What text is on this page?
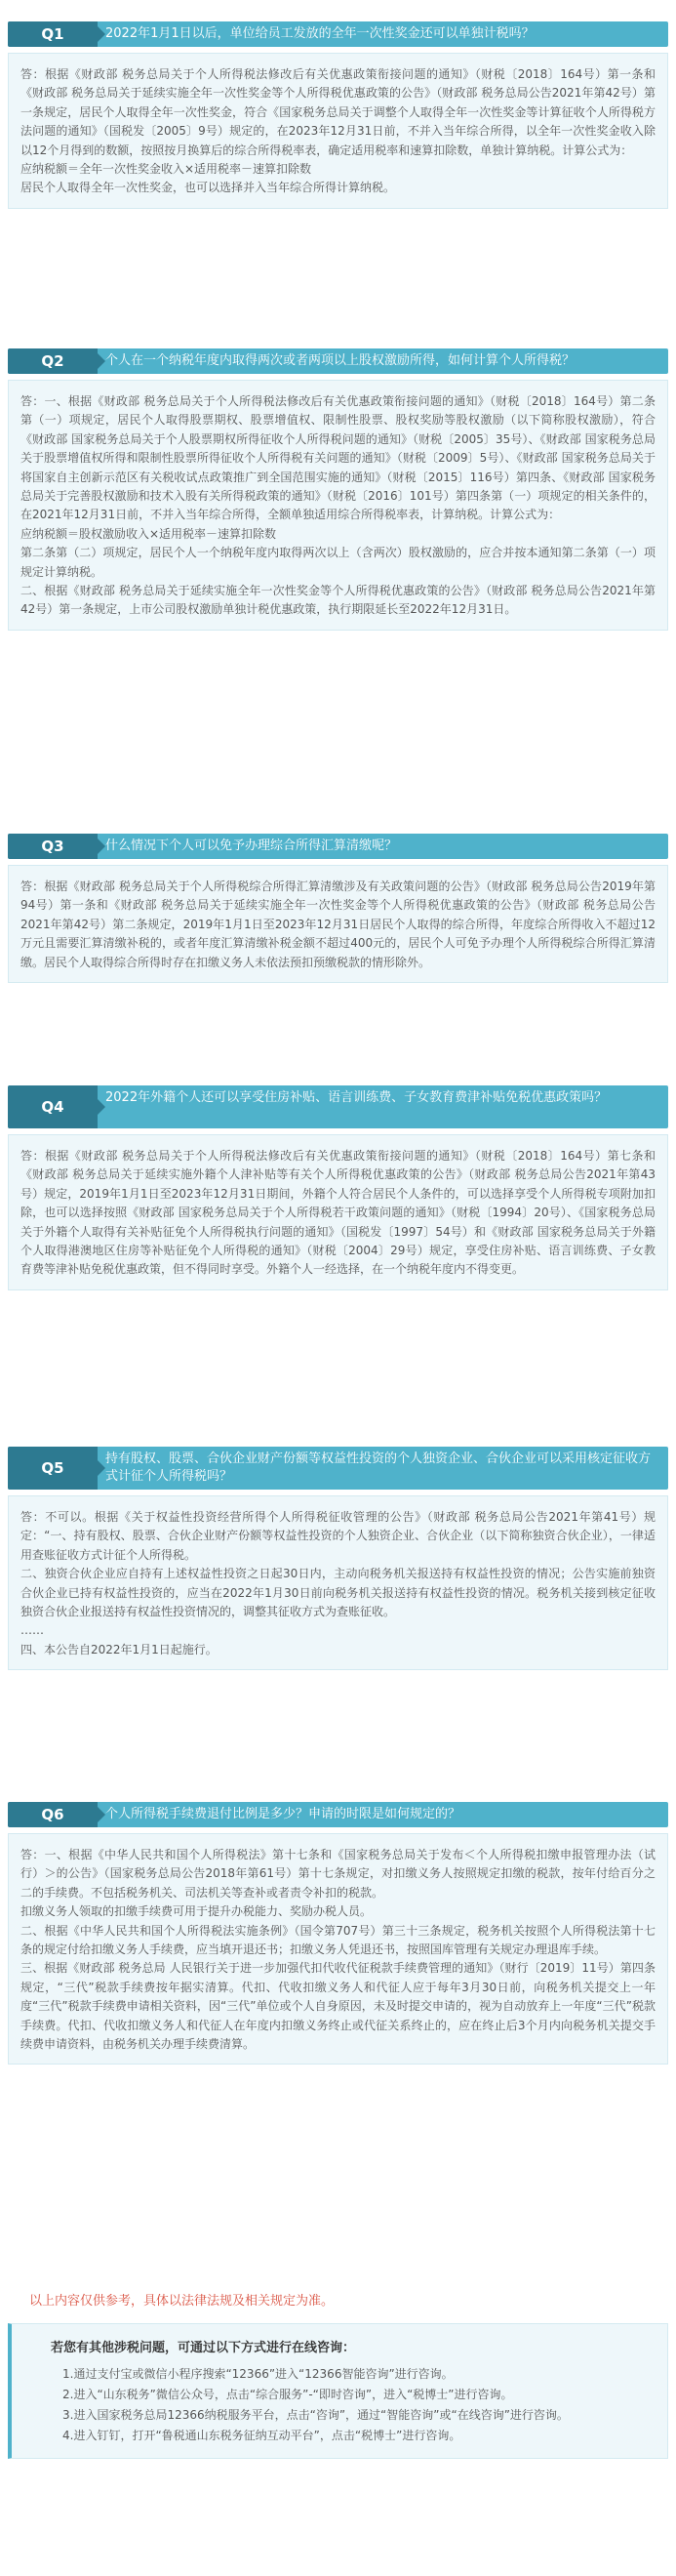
Q1	2022年1月1日以后，单位给员工发放的全年一次性奖金还可以单独计税吗？

答：根据《财政部 税务总局关于个人所得税法修改后有关优惠政策衔接问题的通知》（财税〔2018〕164号）第一条和《财政部 税务总局关于延续实施全年一次性奖金等个人所得税优惠政策的公告》（财政部 税务总局公告2021年第42号）第一条规定，居民个人取得全年一次性奖金，符合《国家税务总局关于调整个人取得全年一次性奖金等计算征收个人所得税方法问题的通知》（国税发〔2005〕9号）规定的，在2023年12月31日前，不并入当年综合所得，以全年一次性奖金收入除以12个月得到的数额，按照按月换算后的综合所得税率表，确定适用税率和速算扣除数，单独计算纳税。计算公式为：

应纳税额＝全年一次性奖金收入×适用税率－速算扣除数

居民个人取得全年一次性奖金，也可以选择并入当年综合所得计算纳税。

Q2	个人在一个纳税年度内取得两次或者两项以上股权激励所得，如何计算个人所得税？

答：一、根据《财政部 税务总局关于个人所得税法修改后有关优惠政策衔接问题的通知》（财税〔2018〕164号）第二条第（一）项规定，居民个人取得股票期权、股票增值权、限制性股票、股权奖励等股权激励（以下简称股权激励），符合《财政部 国家税务总局关于个人股票期权所得征收个人所得税问题的通知》（财税〔2005〕35号）、《财政部 国家税务总局关于股票增值权所得和限制性股票所得征收个人所得税有关问题的通知》（财税〔2009〕5号）、《财政部 国家税务总局关于将国家自主创新示范区有关税收试点政策推广到全国范围实施的通知》（财税〔2015〕116号）第四条、《财政部 国家税务总局关于完善股权激励和技术入股有关所得税政策的通知》（财税〔2016〕101号）第四条第（一）项规定的相关条件的，在2021年12月31日前，不并入当年综合所得，全额单独适用综合所得税率表，计算纳税。计算公式为：

应纳税额＝股权激励收入×适用税率－速算扣除数

第二条第（二）项规定，居民个人一个纳税年度内取得两次以上（含两次）股权激励的，应合并按本通知第二条第（一）项规定计算纳税。

二、根据《财政部 税务总局关于延续实施全年一次性奖金等个人所得税优惠政策的公告》（财政部 税务总局公告2021年第42号）第一条规定，上市公司股权激励单独计税优惠政策，执行期限延长至2022年12月31日。

Q3	什么情况下个人可以免予办理综合所得汇算清缴呢？

答：根据《财政部 税务总局关于个人所得税综合所得汇算清缴涉及有关政策问题的公告》（财政部 税务总局公告2019年第94号）第一条和《财政部 税务总局关于延续实施全年一次性奖金等个人所得税优惠政策的公告》（财政部 税务总局公告2021年第42号）第二条规定，2019年1月1日至2023年12月31日居民个人取得的综合所得，年度综合所得收入不超过12万元且需要汇算清缴补税的，或者年度汇算清缴补税金额不超过400元的，居民个人可免予办理个人所得税综合所得汇算清缴。居民个人取得综合所得时存在扣缴义务人未依法预扣预缴税款的情形除外。

Q4
2022年外籍个人还可以享受住房补贴、语言训练费、子女教育费津补贴免税优惠政策吗？

答：根据《财政部 税务总局关于个人所得税法修改后有关优惠政策衔接问题的通知》（财税〔2018〕164号）第七条和《财政部 税务总局关于延续实施外籍个人津补贴等有关个人所得税优惠政策的公告》（财政部 税务总局公告2021年第43号）规定，2019年1月1日至2023年12月31日期间，外籍个人符合居民个人条件的，可以选择享受个人所得税专项附加扣除，也可以选择按照《财政部 国家税务总局关于个人所得税若干政策问题的通知》（财税〔1994〕20号）、《国家税务总局关于外籍个人取得有关补贴征免个人所得税执行问题的通知》（国税发〔1997〕54号）和《财政部 国家税务总局关于外籍个人取得港澳地区住房等补贴征免个人所得税的通知》（财税〔2004〕29号）规定，享受住房补贴、语言训练费、子女教育费等津补贴免税优惠政策，但不得同时享受。外籍个人一经选择，在一个纳税年度内不得变更。

Q5
持有股权、股票、合伙企业财产份额等权益性投资的个人独资企业、合伙企业可以采用核定征收方式计征个人所得税吗？

答：不可以。根据《关于权益性投资经营所得个人所得税征收管理的公告》（财政部 税务总局公告2021年第41号）规定：“一、持有股权、股票、合伙企业财产份额等权益性投资的个人独资企业、合伙企业（以下简称独资合伙企业），一律适用查账征收方式计征个人所得税。

二、独资合伙企业应自持有上述权益性投资之日起30日内，主动向税务机关报送持有权益性投资的情况；公告实施前独资合伙企业已持有权益性投资的，应当在2022年1月30日前向税务机关报送持有权益性投资的情况。税务机关接到核定征收独资合伙企业报送持有权益性投资情况的，调整其征收方式为查账征收。

……

四、本公告自2022年1月1日起施行。

Q6	个人所得税手续费退付比例是多少？申请的时限是如何规定的？

答：一、根据《中华人民共和国个人所得税法》第十七条和《国家税务总局关于发布＜个人所得税扣缴申报管理办法（试行）＞的公告》（国家税务总局公告2018年第61号）第十七条规定，对扣缴义务人按照规定扣缴的税款，按年付给百分之二的手续费。不包括税务机关、司法机关等查补或者责令补扣的税款。

扣缴义务人领取的扣缴手续费可用于提升办税能力、奖励办税人员。

二、根据《中华人民共和国个人所得税法实施条例》（国令第707号）第三十三条规定，税务机关按照个人所得税法第十七条的规定付给扣缴义务人手续费，应当填开退还书；扣缴义务人凭退还书，按照国库管理有关规定办理退库手续。

三、根据《财政部 税务总局 人民银行关于进一步加强代扣代收代征税款手续费管理的通知》（财行〔2019〕11号）第四条规定，“三代”税款手续费按年据实清算。代扣、代收扣缴义务人和代征人应于每年3月30日前，向税务机关提交上一年度“三代”税款手续费申请相关资料，因“三代”单位或个人自身原因，未及时提交申请的，视为自动放弃上一年度“三代”税款手续费。代扣、代收扣缴义务人和代征人在年度内扣缴义务终止或代征关系终止的，应在终止后3个月内向税务机关提交手续费申请资料，由税务机关办理手续费清算。

以上内容仅供参考，具体以法律法规及相关规定为准。
若您有其他涉税问题，可通过以下方式进行在线咨询：

1.通过支付宝或微信小程序搜索“12366”进入“12366智能咨询”进行咨询。

2.进入“山东税务”微信公众号，点击“综合服务”-“即时咨询”，进入“税博士”进行咨询。

3.进入国家税务总局12366纳税服务平台，点击“咨询”，通过“智能咨询”或“在线咨询”进行咨询。

4.进入钉钉，打开“鲁税通山东税务征纳互动平台”，点击“税博士”进行咨询。
